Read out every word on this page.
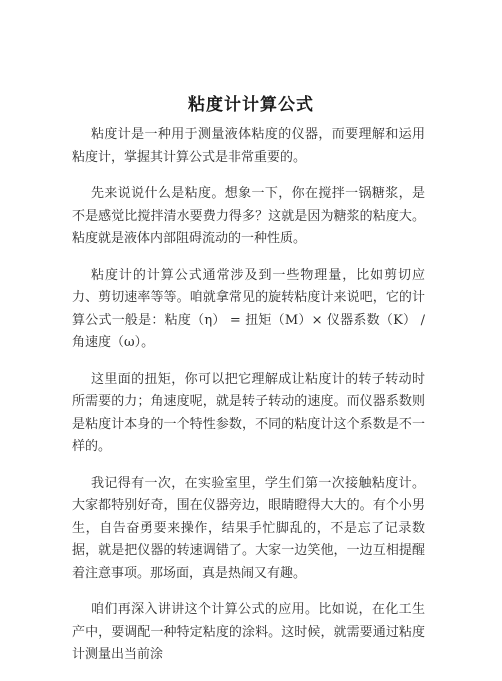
粘度计计算公式

粘度计是一种用于测量液体粘度的仪器，而要理解和运用粘度计，掌握其计算公式是非常重要的。

先来说说什么是粘度。想象一下，你在搅拌一锅糖浆，是不是感觉比搅拌清水要费力得多？这就是因为糖浆的粘度大。粘度就是液体内部阻碍流动的一种性质。

粘度计的计算公式通常涉及到一些物理量，比如剪切应力、剪切速率等等。咱就拿常见的旋转粘度计来说吧，它的计算公式一般是：粘度（η） = 扭矩（M）× 仪器系数（K） / 角速度（ω）。

这里面的扭矩，你可以把它理解成让粘度计的转子转动时所需要的力；角速度呢，就是转子转动的速度。而仪器系数则是粘度计本身的一个特性参数，不同的粘度计这个系数是不一样的。

我记得有一次，在实验室里，学生们第一次接触粘度计。大家都特别好奇，围在仪器旁边，眼睛瞪得大大的。有个小男生，自告奋勇要来操作，结果手忙脚乱的，不是忘了记录数据，就是把仪器的转速调错了。大家一边笑他，一边互相提醒着注意事项。那场面，真是热闹又有趣。

咱们再深入讲讲这个计算公式的应用。比如说，在化工生产中，要调配一种特定粘度的涂料。这时候，就需要通过粘度计测量出当前涂
